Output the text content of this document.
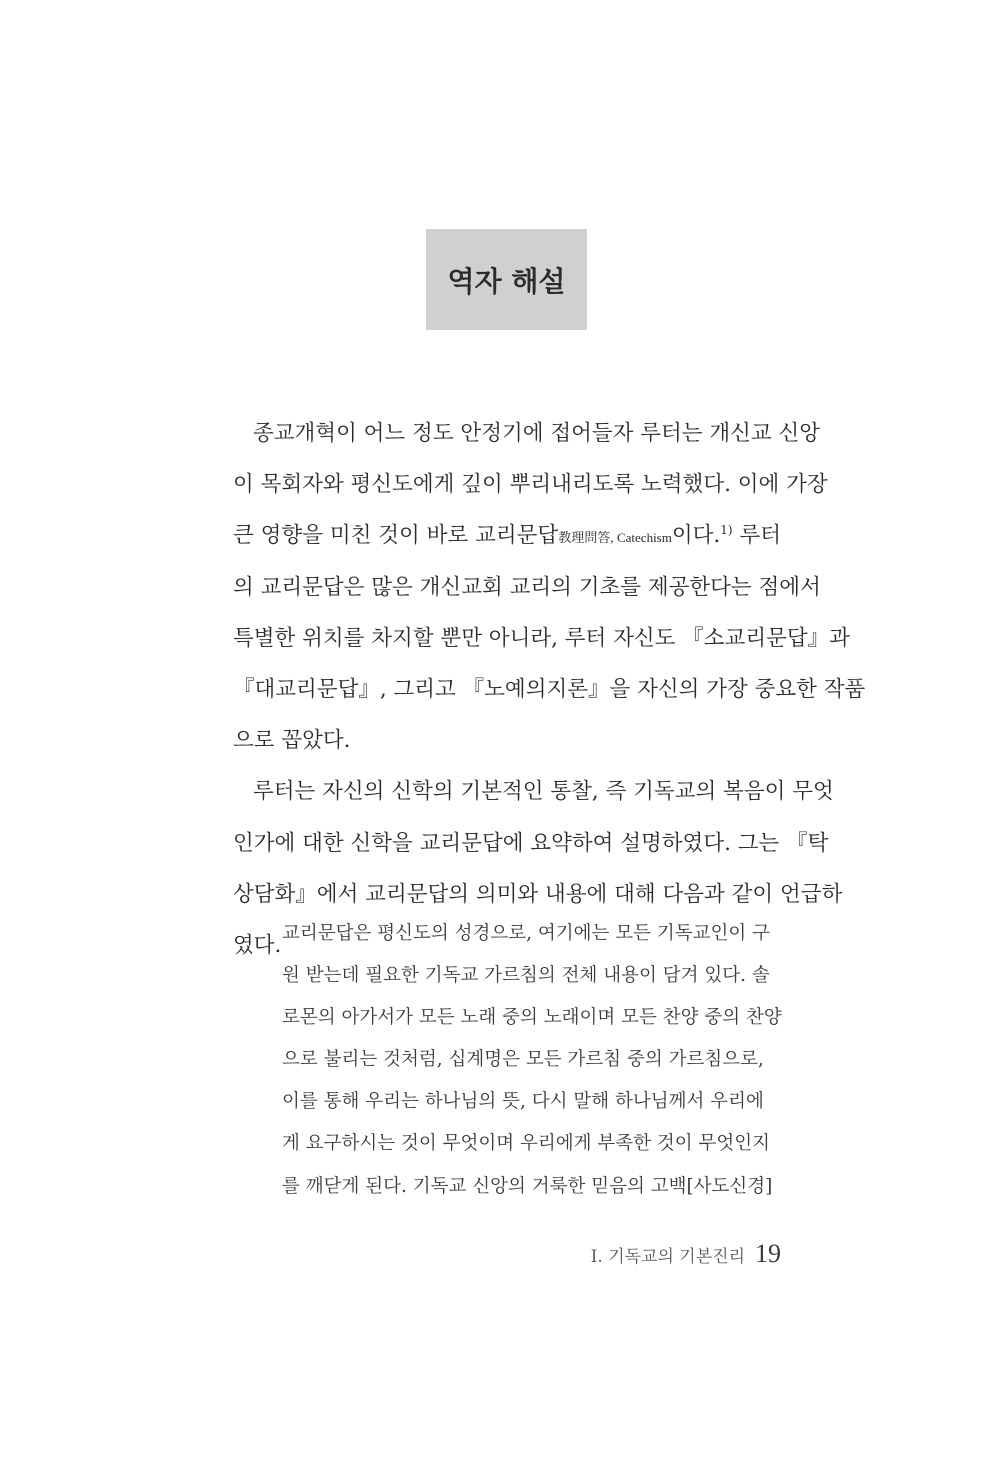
역자 해설
종교개혁이 어느 정도 안정기에 접어들자 루터는 개신교 신앙
이 목회자와 평신도에게 깊이 뿌리내리도록 노력했다. 이에 가장
큰 영향을 미친 것이 바로 교리문답教理問答, Catechism이다.$^{1)}$ 루터
의 교리문답은 많은 개신교회 교리의 기초를 제공한다는 점에서
특별한 위치를 차지할 뿐만 아니라, 루터 자신도 『소교리문답』과
『대교리문답』, 그리고 『노예의지론』을 자신의 가장 중요한 작품
으로 꼽았다.
루터는 자신의 신학의 기본적인 통찰, 즉 기독교의 복음이 무엇
인가에 대한 신학을 교리문답에 요약하여 설명하였다. 그는 『탁
상담화』에서 교리문답의 의미와 내용에 대해 다음과 같이 언급하
였다. 교리문답은 평신도의 성경으로, 여기에는 모든 기독교인이 구
원 받는데 필요한 기독교 가르침의 전체 내용이 담겨 있다. 솔
로몬의 아가서가 모든 노래 중의 노래이며 모든 찬양 중의 찬양
으로 불리는 것처럼, 십계명은 모든 가르침 중의 가르침으로,
이를 통해 우리는 하나님의 뜻, 다시 말해 하나님께서 우리에
게 요구하시는 것이 무엇이며 우리에게 부족한 것이 무엇인지
를 깨닫게 된다. 기독교 신앙의 거룩한 믿음의 고백[사도신경]
I. 기독교의 기본진리 19
